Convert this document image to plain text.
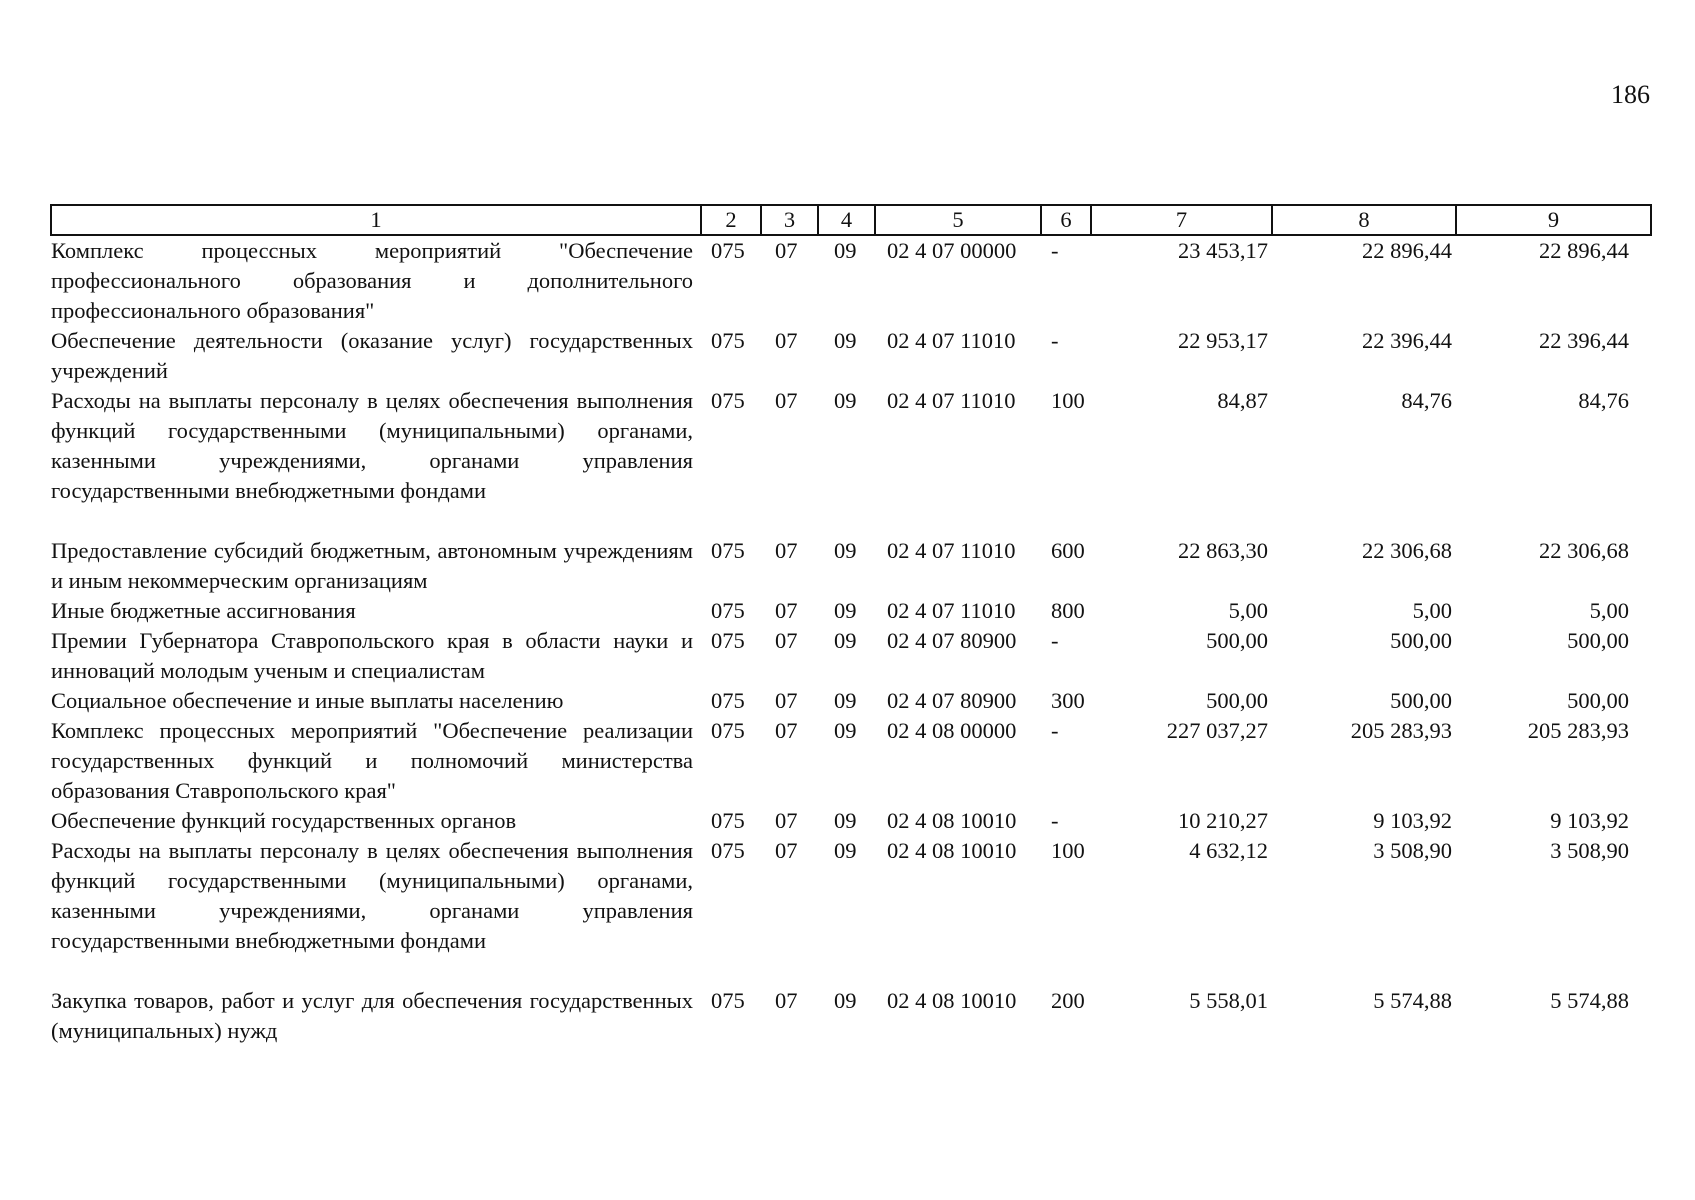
186
1	2	3	4	5	6	7	8	9
Комплекс процессных мероприятий "Обеспечение профессионального образования и дополнительного профессионального образования"	075	07	09	02 4 07 00000	-	23 453,17	22 896,44	22 896,44
Обеспечение деятельности (оказание услуг) государственных учреждений	075	07	09	02 4 07 11010	-	22 953,17	22 396,44	22 396,44
Расходы на выплаты персоналу в целях обеспечения выполнения функций государственными (муниципальными) органами, казенными учреждениями, органами управления государственными внебюджетными фондами	075	07	09	02 4 07 11010	100	84,87	84,76	84,76
Предоставление субсидий бюджетным, автономным учреждениям и иным некоммерческим организациям	075	07	09	02 4 07 11010	600	22 863,30	22 306,68	22 306,68
Иные бюджетные ассигнования	075	07	09	02 4 07 11010	800	5,00	5,00	5,00
Премии Губернатора Ставропольского края в области науки и инноваций молодым ученым и специалистам	075	07	09	02 4 07 80900	-	500,00	500,00	500,00
Социальное обеспечение и иные выплаты населению	075	07	09	02 4 07 80900	300	500,00	500,00	500,00
Комплекс процессных мероприятий "Обеспечение реализации государственных функций и полномочий министерства образования Ставропольского края"	075	07	09	02 4 08 00000	-	227 037,27	205 283,93	205 283,93
Обеспечение функций государственных органов	075	07	09	02 4 08 10010	-	10 210,27	9 103,92	9 103,92
Расходы на выплаты персоналу в целях обеспечения выполнения функций государственными (муниципальными) органами, казенными учреждениями, органами управления государственными внебюджетными фондами	075	07	09	02 4 08 10010	100	4 632,12	3 508,90	3 508,90
Закупка товаров, работ и услуг для обеспечения государственных (муниципальных) нужд	075	07	09	02 4 08 10010	200	5 558,01	5 574,88	5 574,88
